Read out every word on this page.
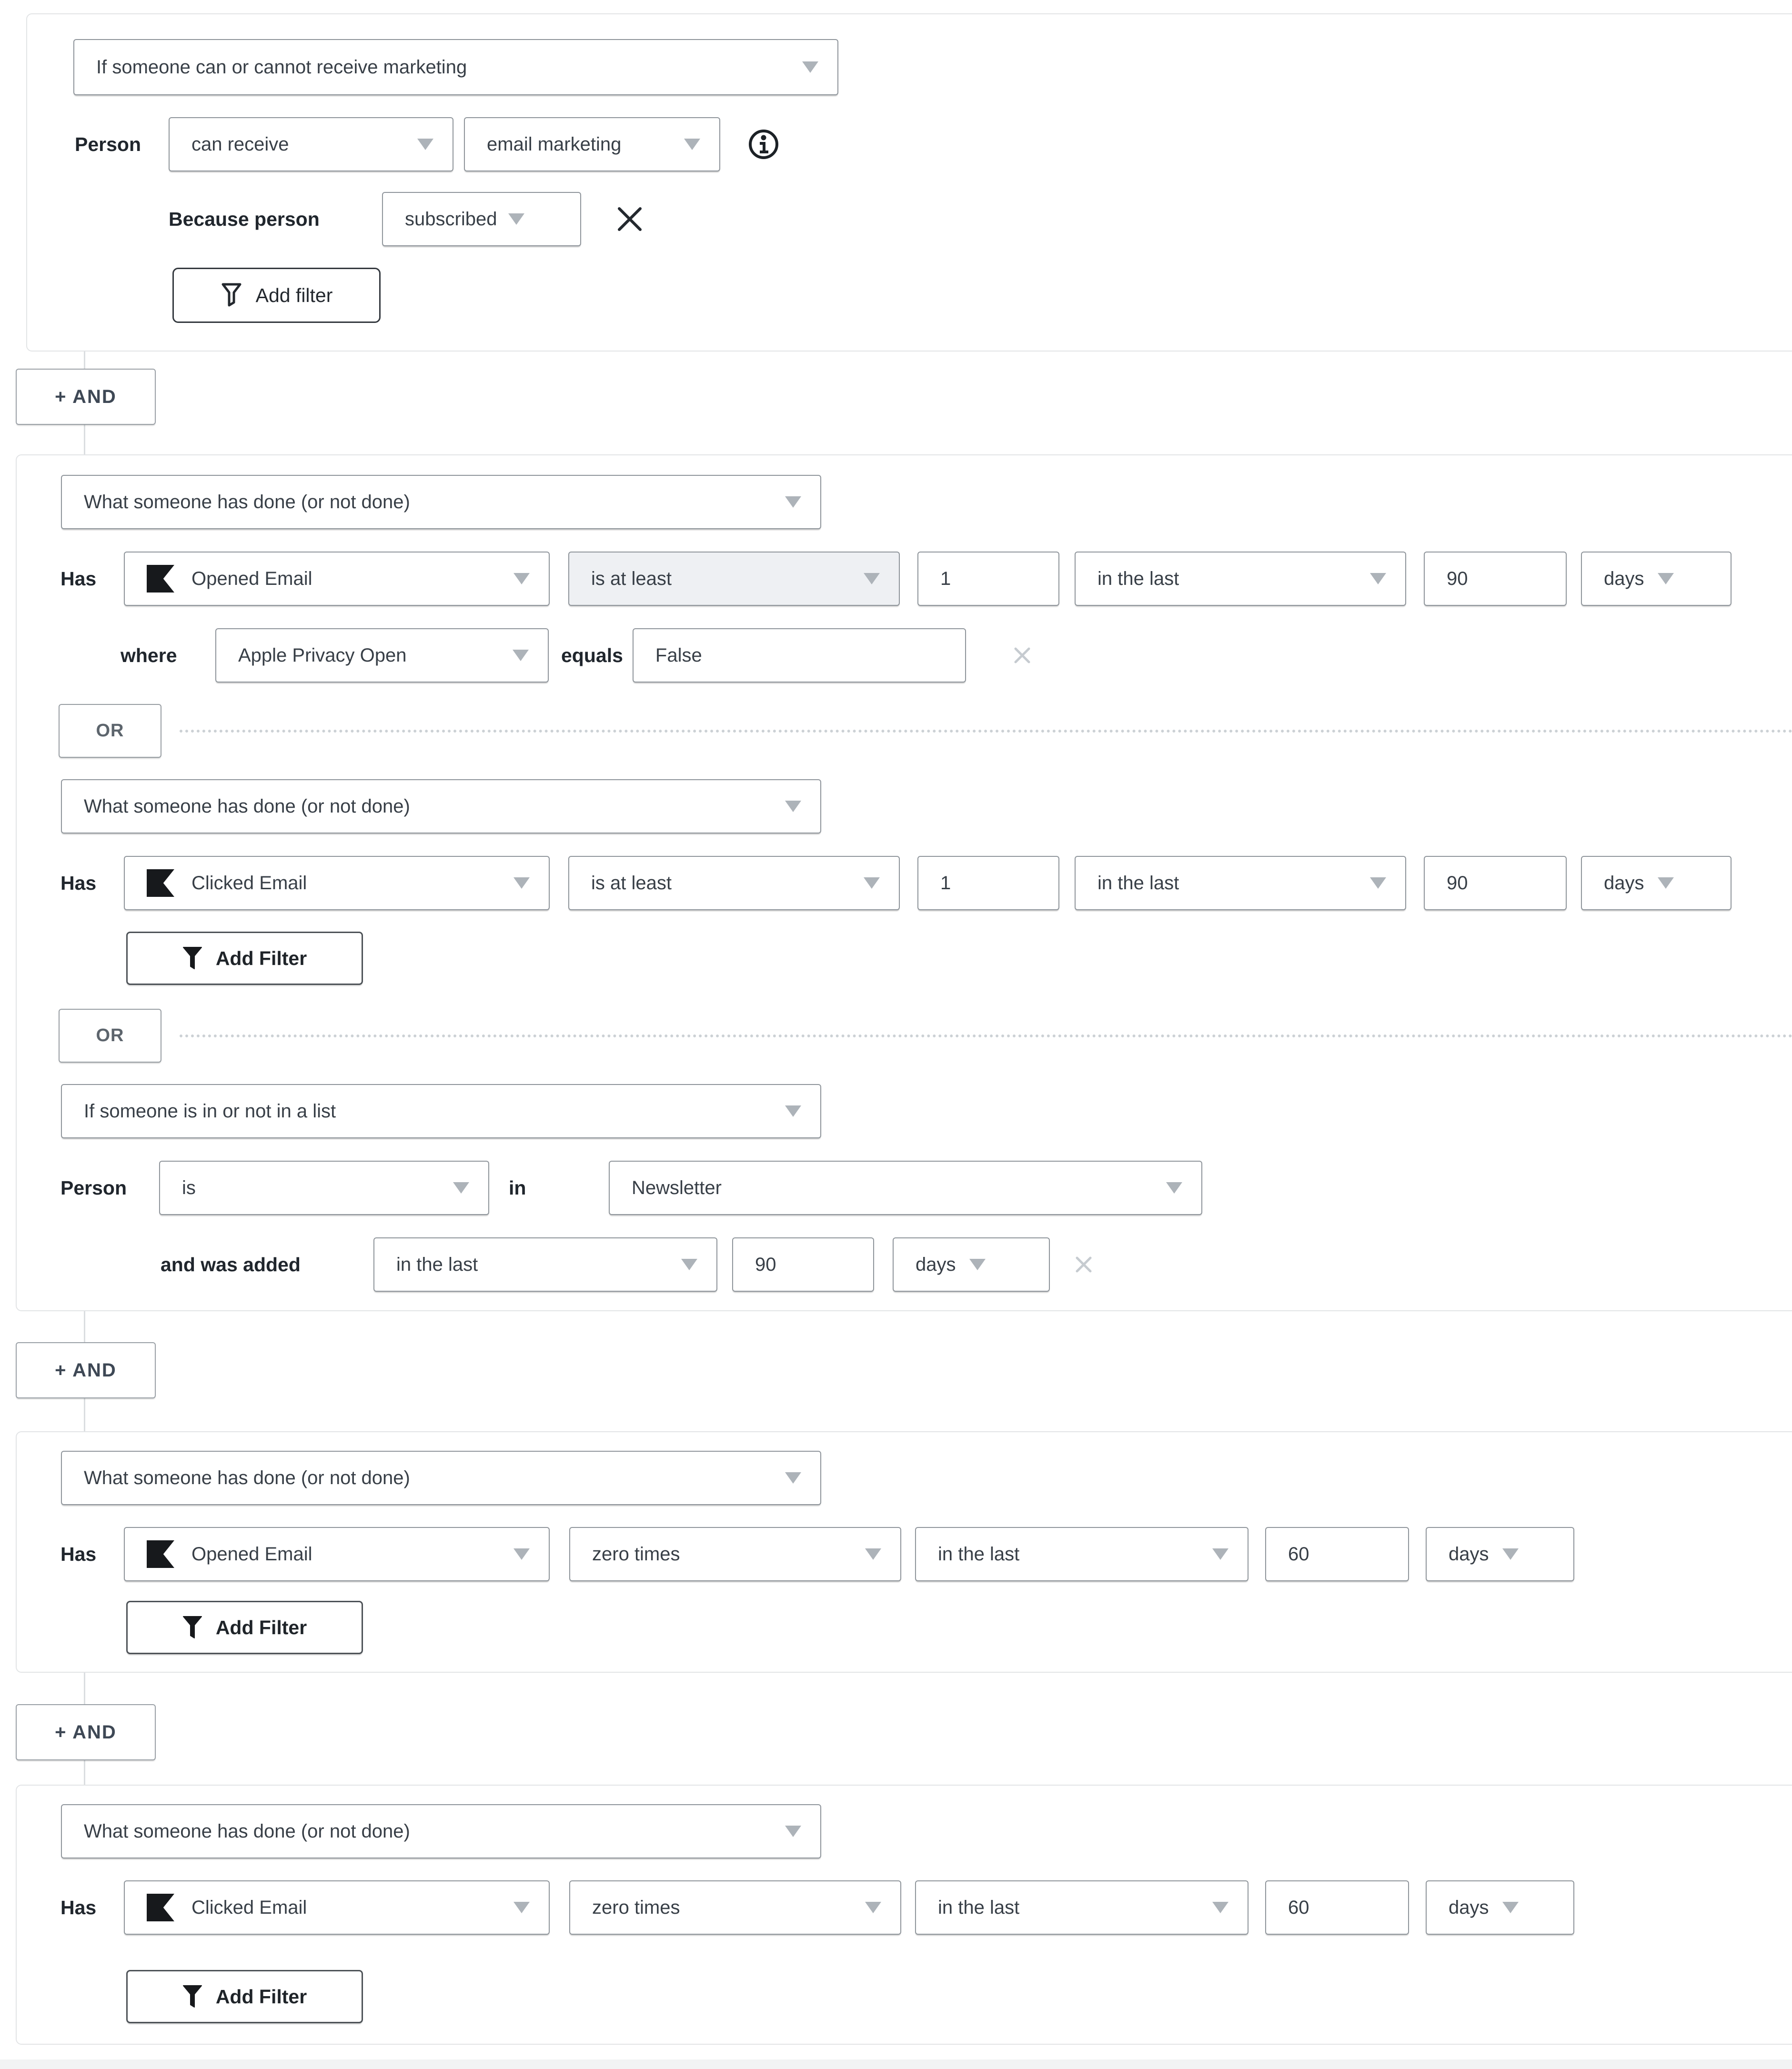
If someone can or cannot receive marketing
Person	can receive	email marketing
Because person	subscribed
Add filter
+ AND
What someone has done (or not done)
Has	Opened Email	is at least	1	in the last	90	days
where	Apple Privacy Open	equals	False
OR
What someone has done (or not done)
Has	Clicked Email	is at least	1	in the last	90	days
Add Filter
OR
If someone is in or not in a list
Person	is	in	Newsletter
and was added	in the last	90	days
+ AND
What someone has done (or not done)
Has	Opened Email	zero times	in the last	60	days
Add Filter
+ AND
What someone has done (or not done)
Has	Clicked Email	zero times	in the last	60	days
Add Filter
